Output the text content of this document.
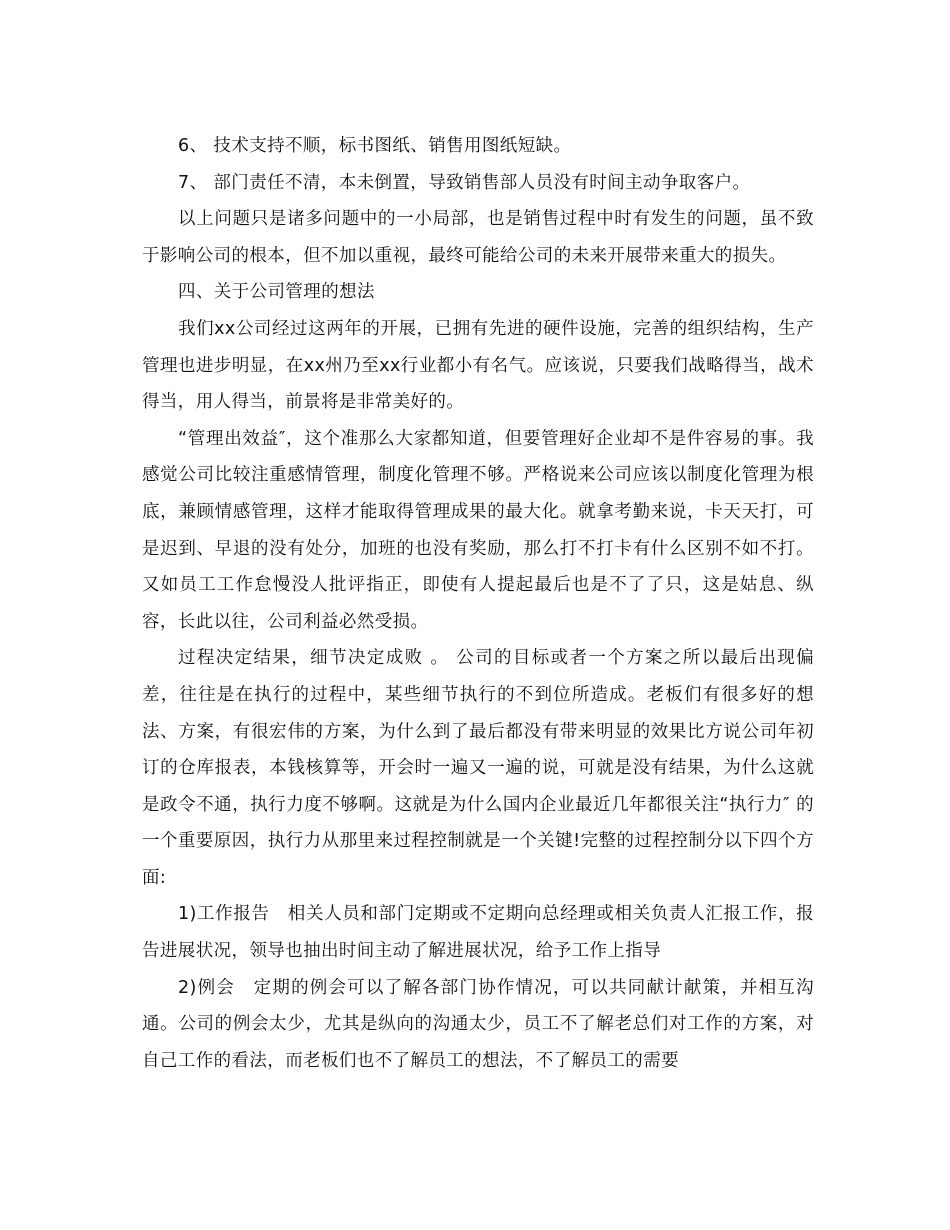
6、 技术支持不顺，标书图纸、销售用图纸短缺。

7、 部门责任不清，本未倒置，导致销售部人员没有时间主动争取客户。

以上问题只是诸多问题中的一小局部，也是销售过程中时有发生的问题，虽不致于影响公司的根本，但不加以重视，最终可能给公司的未来开展带来重大的损失。

四、关于公司管理的想法

我们xx公司经过这两年的开展，已拥有先进的硬件设施，完善的组织结构，生产管理也进步明显，在xx州乃至xx行业都小有名气。应该说，只要我们战略得当，战术得当，用人得当，前景将是非常美好的。

“管理出效益″，这个准那么大家都知道，但要管理好企业却不是件容易的事。我感觉公司比较注重感情管理，制度化管理不够。严格说来公司应该以制度化管理为根底，兼顾情感管理，这样才能取得管理成果的最大化。就拿考勤来说，卡天天打，可是迟到、早退的没有处分，加班的也没有奖励，那么打不打卡有什么区别不如不打。又如员工工作怠慢没人批评指正，即使有人提起最后也是不了了只，这是姑息、纵容，长此以往，公司利益必然受损。

过程决定结果，细节决定成败 。 公司的目标或者一个方案之所以最后出现偏差，往往是在执行的过程中，某些细节执行的不到位所造成。老板们有很多好的想法、方案，有很宏伟的方案，为什么到了最后都没有带来明显的效果比方说公司年初订的仓库报表，本钱核算等，开会时一遍又一遍的说，可就是没有结果，为什么这就是政令不通，执行力度不够啊。这就是为什么国内企业最近几年都很关注“执行力″ 的一个重要原因，执行力从那里来过程控制就是一个关键!完整的过程控制分以下四个方面:

1)工作报告　相关人员和部门定期或不定期向总经理或相关负责人汇报工作，报告进展状况，领导也抽出时间主动了解进展状况，给予工作上指导

2)例会　定期的例会可以了解各部门协作情况，可以共同献计献策，并相互沟通。公司的例会太少，尤其是纵向的沟通太少，员工不了解老总们对工作的方案，对自己工作的看法，而老板们也不了解员工的想法，不了解员工的需要
